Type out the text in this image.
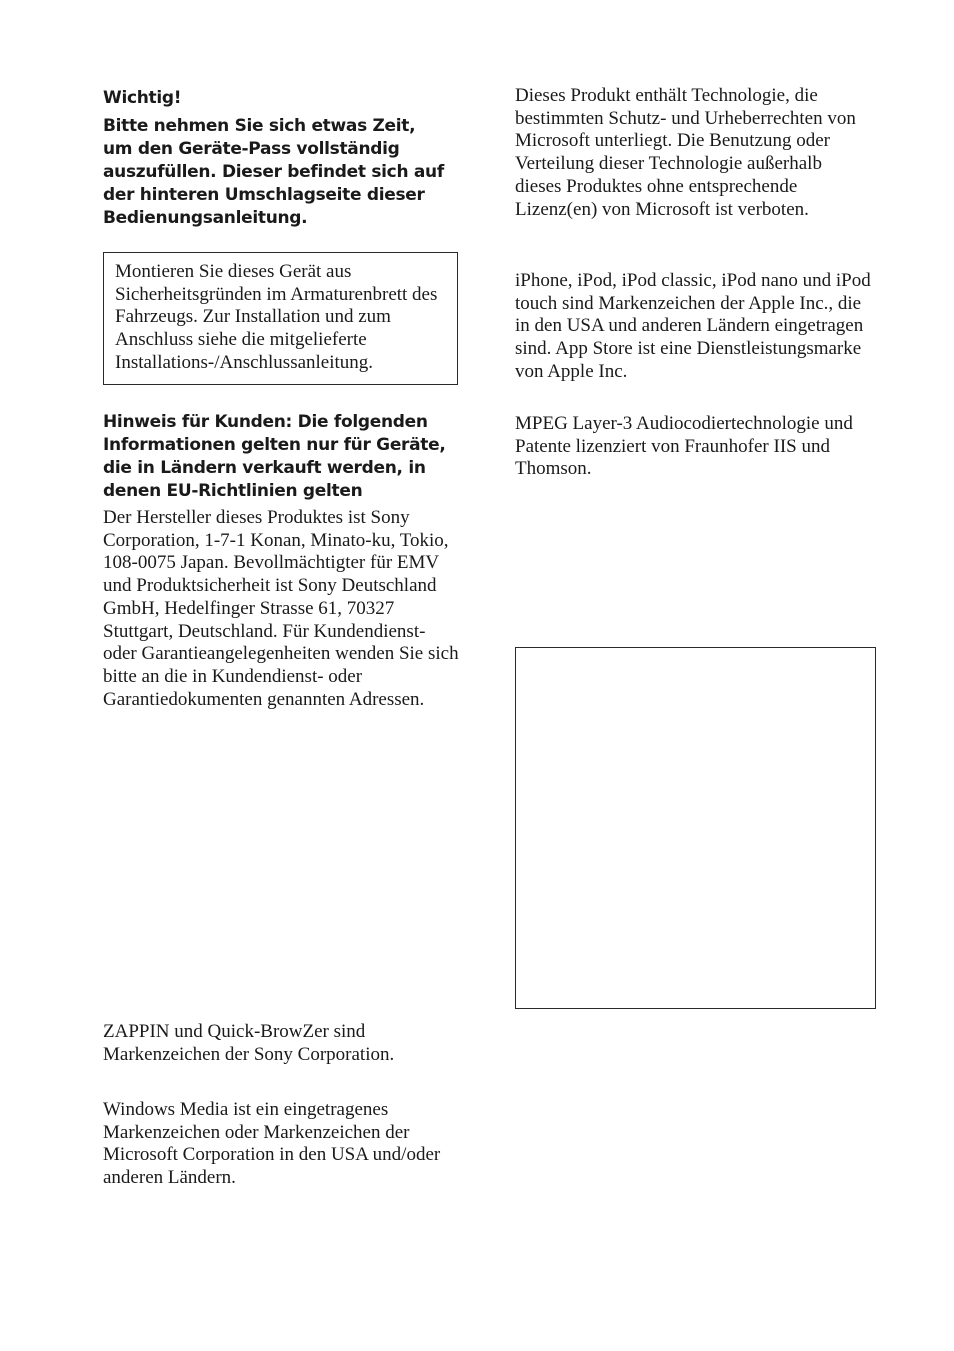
Wichtig!

Bitte nehmen Sie sich etwas Zeit, um den Geräte-Pass vollständig auszufüllen. Dieser befindet sich auf der hinteren Umschlagseite dieser Bedienungsanleitung.

Montieren Sie dieses Gerät aus Sicherheitsgründen im Armaturenbrett des Fahrzeugs. Zur Installation und zum Anschluss siehe die mitgelieferte Installations-/Anschlussanleitung.

Hinweis für Kunden: Die folgenden Informationen gelten nur für Geräte, die in Ländern verkauft werden, in denen EU-Richtlinien gelten

Der Hersteller dieses Produktes ist Sony Corporation, 1-7-1 Konan, Minato-ku, Tokio, 108-0075 Japan. Bevollmächtigter für EMV und Produktsicherheit ist Sony Deutschland GmbH, Hedelfinger Strasse 61, 70327 Stuttgart, Deutschland. Für Kundendienst- oder Garantieangelegenheiten wenden Sie sich bitte an die in Kundendienst- oder Garantiedokumenten genannten Adressen.

ZAPPIN und Quick-BrowZer sind Markenzeichen der Sony Corporation.

Windows Media ist ein eingetragenes Markenzeichen oder Markenzeichen der Microsoft Corporation in den USA und/oder anderen Ländern.

Dieses Produkt enthält Technologie, die bestimmten Schutz- und Urheberrechten von Microsoft unterliegt. Die Benutzung oder Verteilung dieser Technologie außerhalb dieses Produktes ohne entsprechende Lizenz(en) von Microsoft ist verboten.

iPhone, iPod, iPod classic, iPod nano und iPod touch sind Markenzeichen der Apple Inc., die in den USA und anderen Ländern eingetragen sind. App Store ist eine Dienstleistungsmarke von Apple Inc.

MPEG Layer-3 Audiocodiertechnologie und Patente lizenziert von Fraunhofer IIS und Thomson.
